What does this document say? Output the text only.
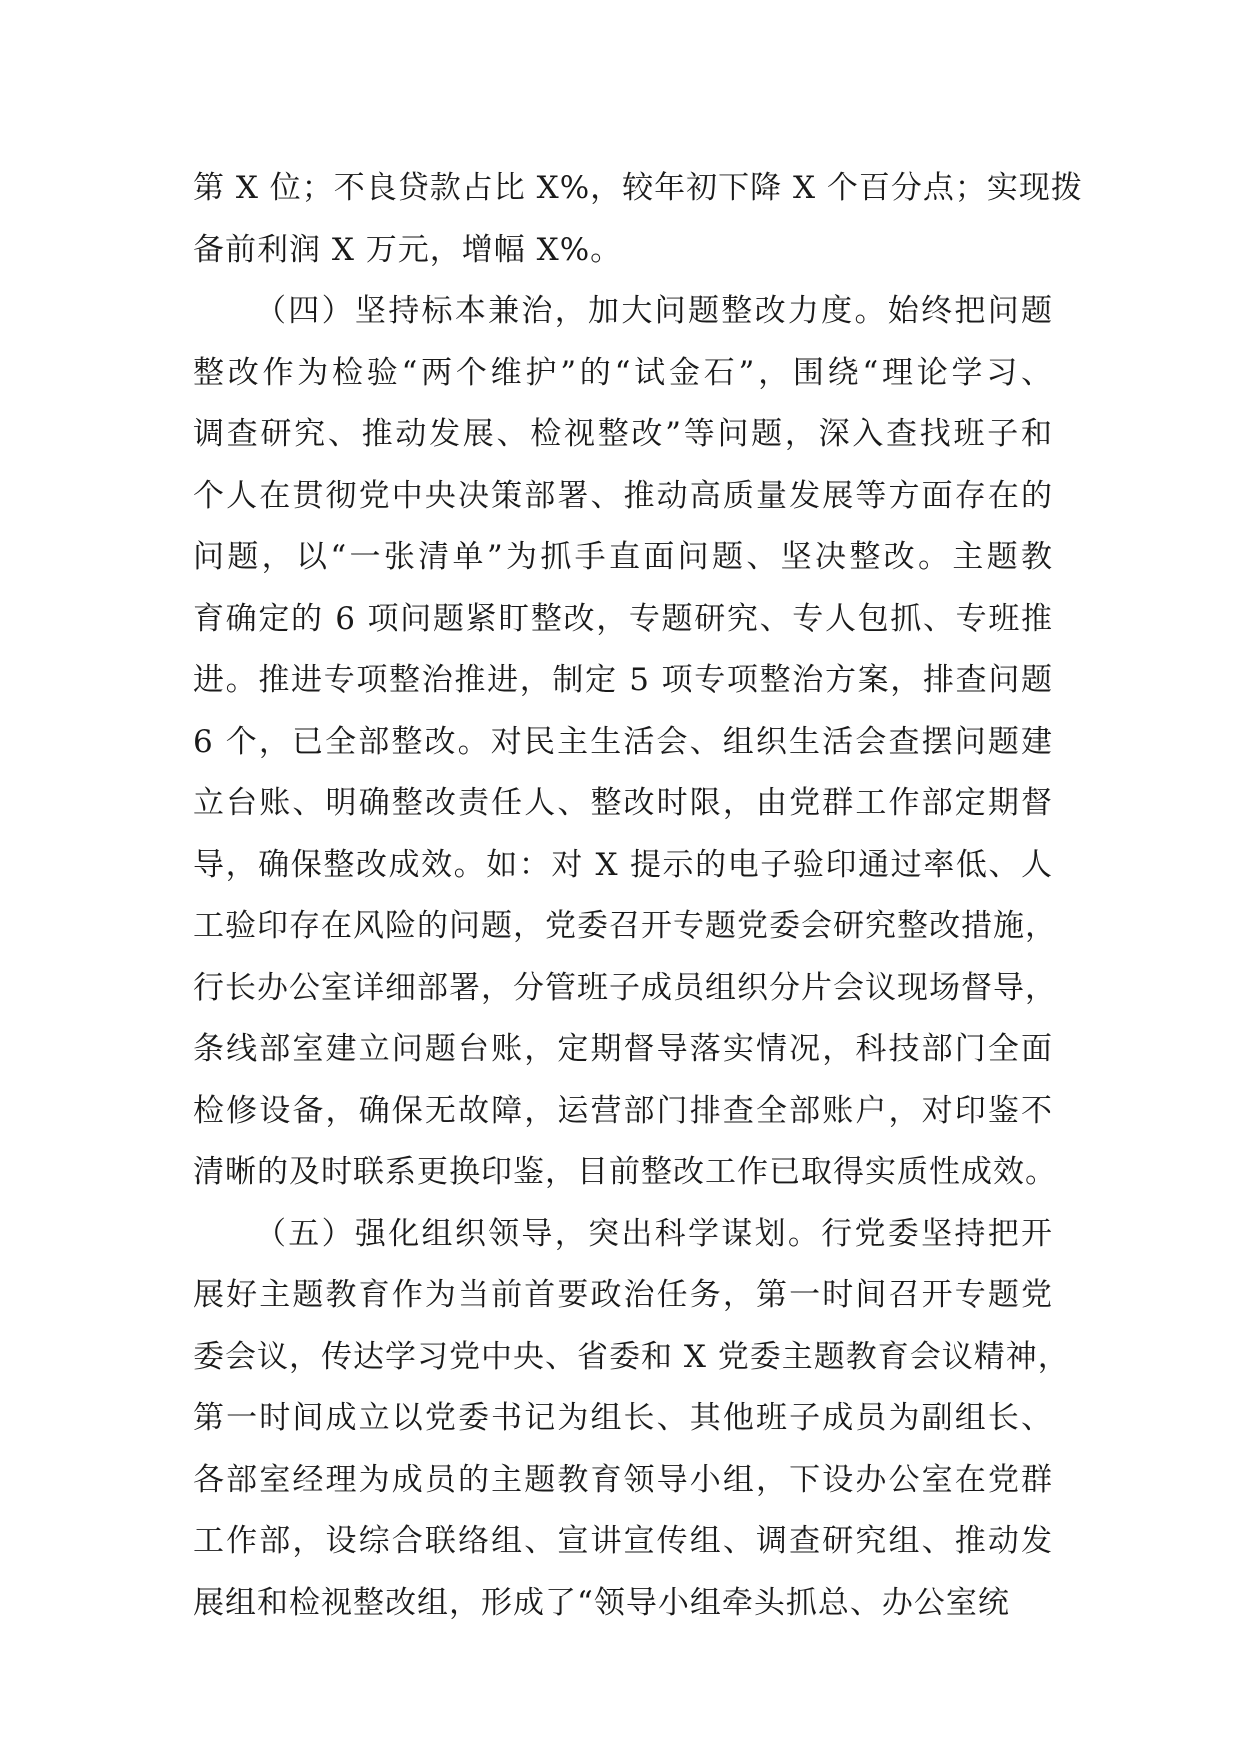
第 X 位；不良贷款占比 X%，较年初下降 X 个百分点；实现拨
备前利润 X 万元，增幅 X%。
（四）坚持标本兼治，加大问题整改力度。始终把问题
整改作为检验“两个维护”的“试金石”，围绕“理论学习、
调查研究、推动发展、检视整改”等问题，深入查找班子和
个人在贯彻党中央决策部署、推动高质量发展等方面存在的
问题，以“一张清单”为抓手直面问题、坚决整改。主题教
育确定的 6 项问题紧盯整改，专题研究、专人包抓、专班推
进。推进专项整治推进，制定 5 项专项整治方案，排查问题
6 个，已全部整改。对民主生活会、组织生活会查摆问题建
立台账、明确整改责任人、整改时限，由党群工作部定期督
导，确保整改成效。如：对 X 提示的电子验印通过率低、人
工验印存在风险的问题，党委召开专题党委会研究整改措施，
行长办公室详细部署，分管班子成员组织分片会议现场督导，
条线部室建立问题台账，定期督导落实情况，科技部门全面
检修设备，确保无故障，运营部门排查全部账户，对印鉴不
清晰的及时联系更换印鉴，目前整改工作已取得实质性成效。
（五）强化组织领导，突出科学谋划。行党委坚持把开
展好主题教育作为当前首要政治任务，第一时间召开专题党
委会议，传达学习党中央、省委和 X 党委主题教育会议精神，
第一时间成立以党委书记为组长、其他班子成员为副组长、
各部室经理为成员的主题教育领导小组，下设办公室在党群
工作部，设综合联络组、宣讲宣传组、调查研究组、推动发
展组和检视整改组，形成了“领导小组牵头抓总、办公室统
